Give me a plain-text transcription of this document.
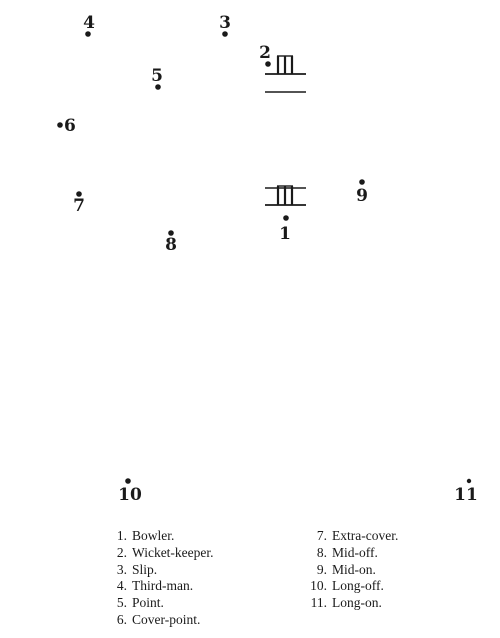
1
2
3
4
5
6
7
8
9
10	11
1. Bowler.
2. Wicket-keeper.
3. Slip.
4. Third-man.
5. Point.
6. Cover-point.
7. Extra-cover.
8. Mid-off.
9. Mid-on.
10. Long-off.
11. Long-on.
